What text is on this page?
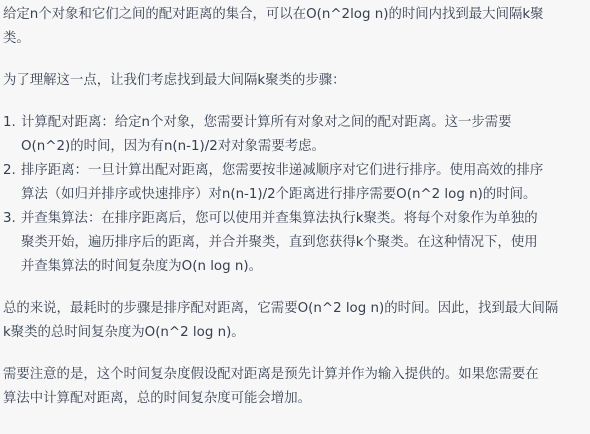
给定n个对象和它们之间的配对距离的集合，可以在O(n^2log n)的时间内找到最大间隔k聚
类。

为了理解这一点，让我们考虑找到最大间隔k聚类的步骤：

1. 计算配对距离：给定n个对象，您需要计算所有对象对之间的配对距离。这一步需要
O(n^2)的时间，因为有n(n-1)/2对对象需要考虑。
2. 排序距离：一旦计算出配对距离，您需要按非递减顺序对它们进行排序。使用高效的排序
算法（如归并排序或快速排序）对n(n-1)/2个距离进行排序需要O(n^2 log n)的时间。
3. 并查集算法：在排序距离后，您可以使用并查集算法执行k聚类。将每个对象作为单独的
聚类开始，遍历排序后的距离，并合并聚类，直到您获得k个聚类。在这种情况下，使用
并查集算法的时间复杂度为O(n log n)。

总的来说，最耗时的步骤是排序配对距离，它需要O(n^2 log n)的时间。因此，找到最大间隔
k聚类的总时间复杂度为O(n^2 log n)。

需要注意的是，这个时间复杂度假设配对距离是预先计算并作为输入提供的。如果您需要在
算法中计算配对距离，总的时间复杂度可能会增加。
